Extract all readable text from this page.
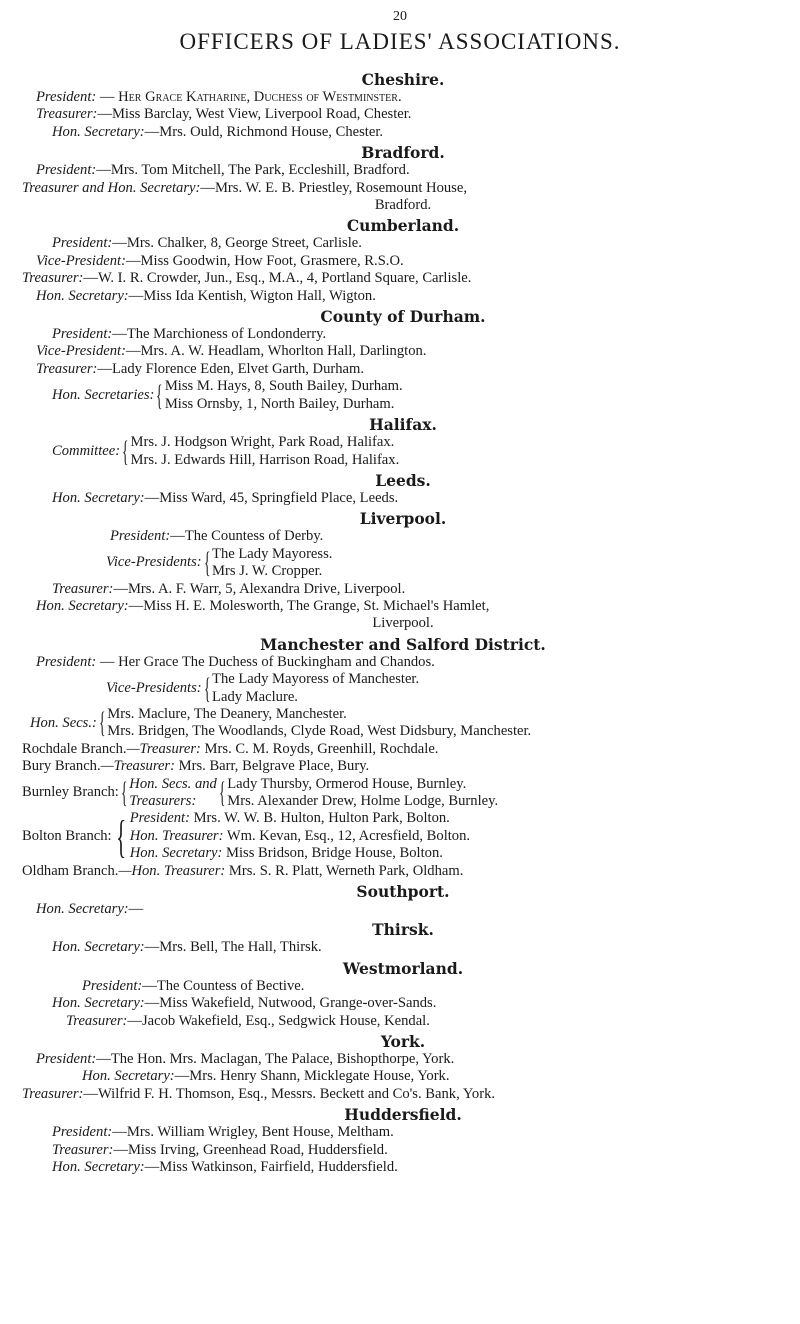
20
OFFICERS OF LADIES' ASSOCIATIONS.

Cheshire.

President: — Her Grace Katharine, Duchess of Westminster.

Treasurer:—Miss Barclay, West View, Liverpool Road, Chester.

Hon. Secretary:—Mrs. Ould, Richmond House, Chester.

Bradford.

President:—Mrs. Tom Mitchell, The Park, Eccleshill, Bradford.

Treasurer and Hon. Secretary:—Mrs. W. E. B. Priestley, Rosemount House,

Bradford.

Cumberland.

President:—Mrs. Chalker, 8, George Street, Carlisle.

Vice-President:—Miss Goodwin, How Foot, Grasmere, R.S.O.

Treasurer:—W. I. R. Crowder, Jun., Esq., M.A., 4, Portland Square, Carlisle.

Hon. Secretary:—Miss Ida Kentish, Wigton Hall, Wigton.

County of Durham.

President:—The Marchioness of Londonderry.

Vice-President:—Mrs. A. W. Headlam, Whorlton Hall, Darlington.

Treasurer:—Lady Florence Eden, Elvet Garth, Durham.

Hon. Secretaries: { Miss M. Hays, 8, South Bailey, Durham.
Miss Ornsby, 1, North Bailey, Durham.

Halifax.

Committee: { Mrs. J. Hodgson Wright, Park Road, Halifax.
Mrs. J. Edwards Hill, Harrison Road, Halifax.

Leeds.

Hon. Secretary:—Miss Ward, 45, Springfield Place, Leeds.

Liverpool.

President:—The Countess of Derby.

Vice-Presidents: { The Lady Mayoress.
Mrs J. W. Cropper.

Treasurer:—Mrs. A. F. Warr, 5, Alexandra Drive, Liverpool.

Hon. Secretary:—Miss H. E. Molesworth, The Grange, St. Michael's Hamlet,

Liverpool.

Manchester and Salford District.

President: — Her Grace The Duchess of Buckingham and Chandos.

Vice-Presidents: { The Lady Mayoress of Manchester.
Lady Maclure.
Hon. Secs.: { Mrs. Maclure, The Deanery, Manchester.
Mrs. Bridgen, The Woodlands, Clyde Road, West Didsbury, Manchester.

Rochdale Branch.—Treasurer: Mrs. C. M. Royds, Greenhill, Rochdale.

Bury Branch.—Treasurer: Mrs. Barr, Belgrave Place, Bury.

Burnley Branch: { Hon. Secs. and
Treasurers: { Lady Thursby, Ormerod House, Burnley.
Mrs. Alexander Drew, Holme Lodge, Burnley.
Bolton Branch: { President: Mrs. W. W. B. Hulton, Hulton Park, Bolton.
Hon. Treasurer: Wm. Kevan, Esq., 12, Acresfield, Bolton.
Hon. Secretary: Miss Bridson, Bridge House, Bolton.

Oldham Branch.—Hon. Treasurer: Mrs. S. R. Platt, Werneth Park, Oldham.

Southport.

Hon. Secretary:—

Thirsk.

Hon. Secretary:—Mrs. Bell, The Hall, Thirsk.

Westmorland.

President:—The Countess of Bective.

Hon. Secretary:—Miss Wakefield, Nutwood, Grange-over-Sands.

Treasurer:—Jacob Wakefield, Esq., Sedgwick House, Kendal.

York.

President:—The Hon. Mrs. Maclagan, The Palace, Bishopthorpe, York.

Hon. Secretary:—Mrs. Henry Shann, Micklegate House, York.

Treasurer:—Wilfrid F. H. Thomson, Esq., Messrs. Beckett and Co's. Bank, York.

Huddersfield.

President:—Mrs. William Wrigley, Bent House, Meltham.

Treasurer:—Miss Irving, Greenhead Road, Huddersfield.

Hon. Secretary:—Miss Watkinson, Fairfield, Huddersfield.
